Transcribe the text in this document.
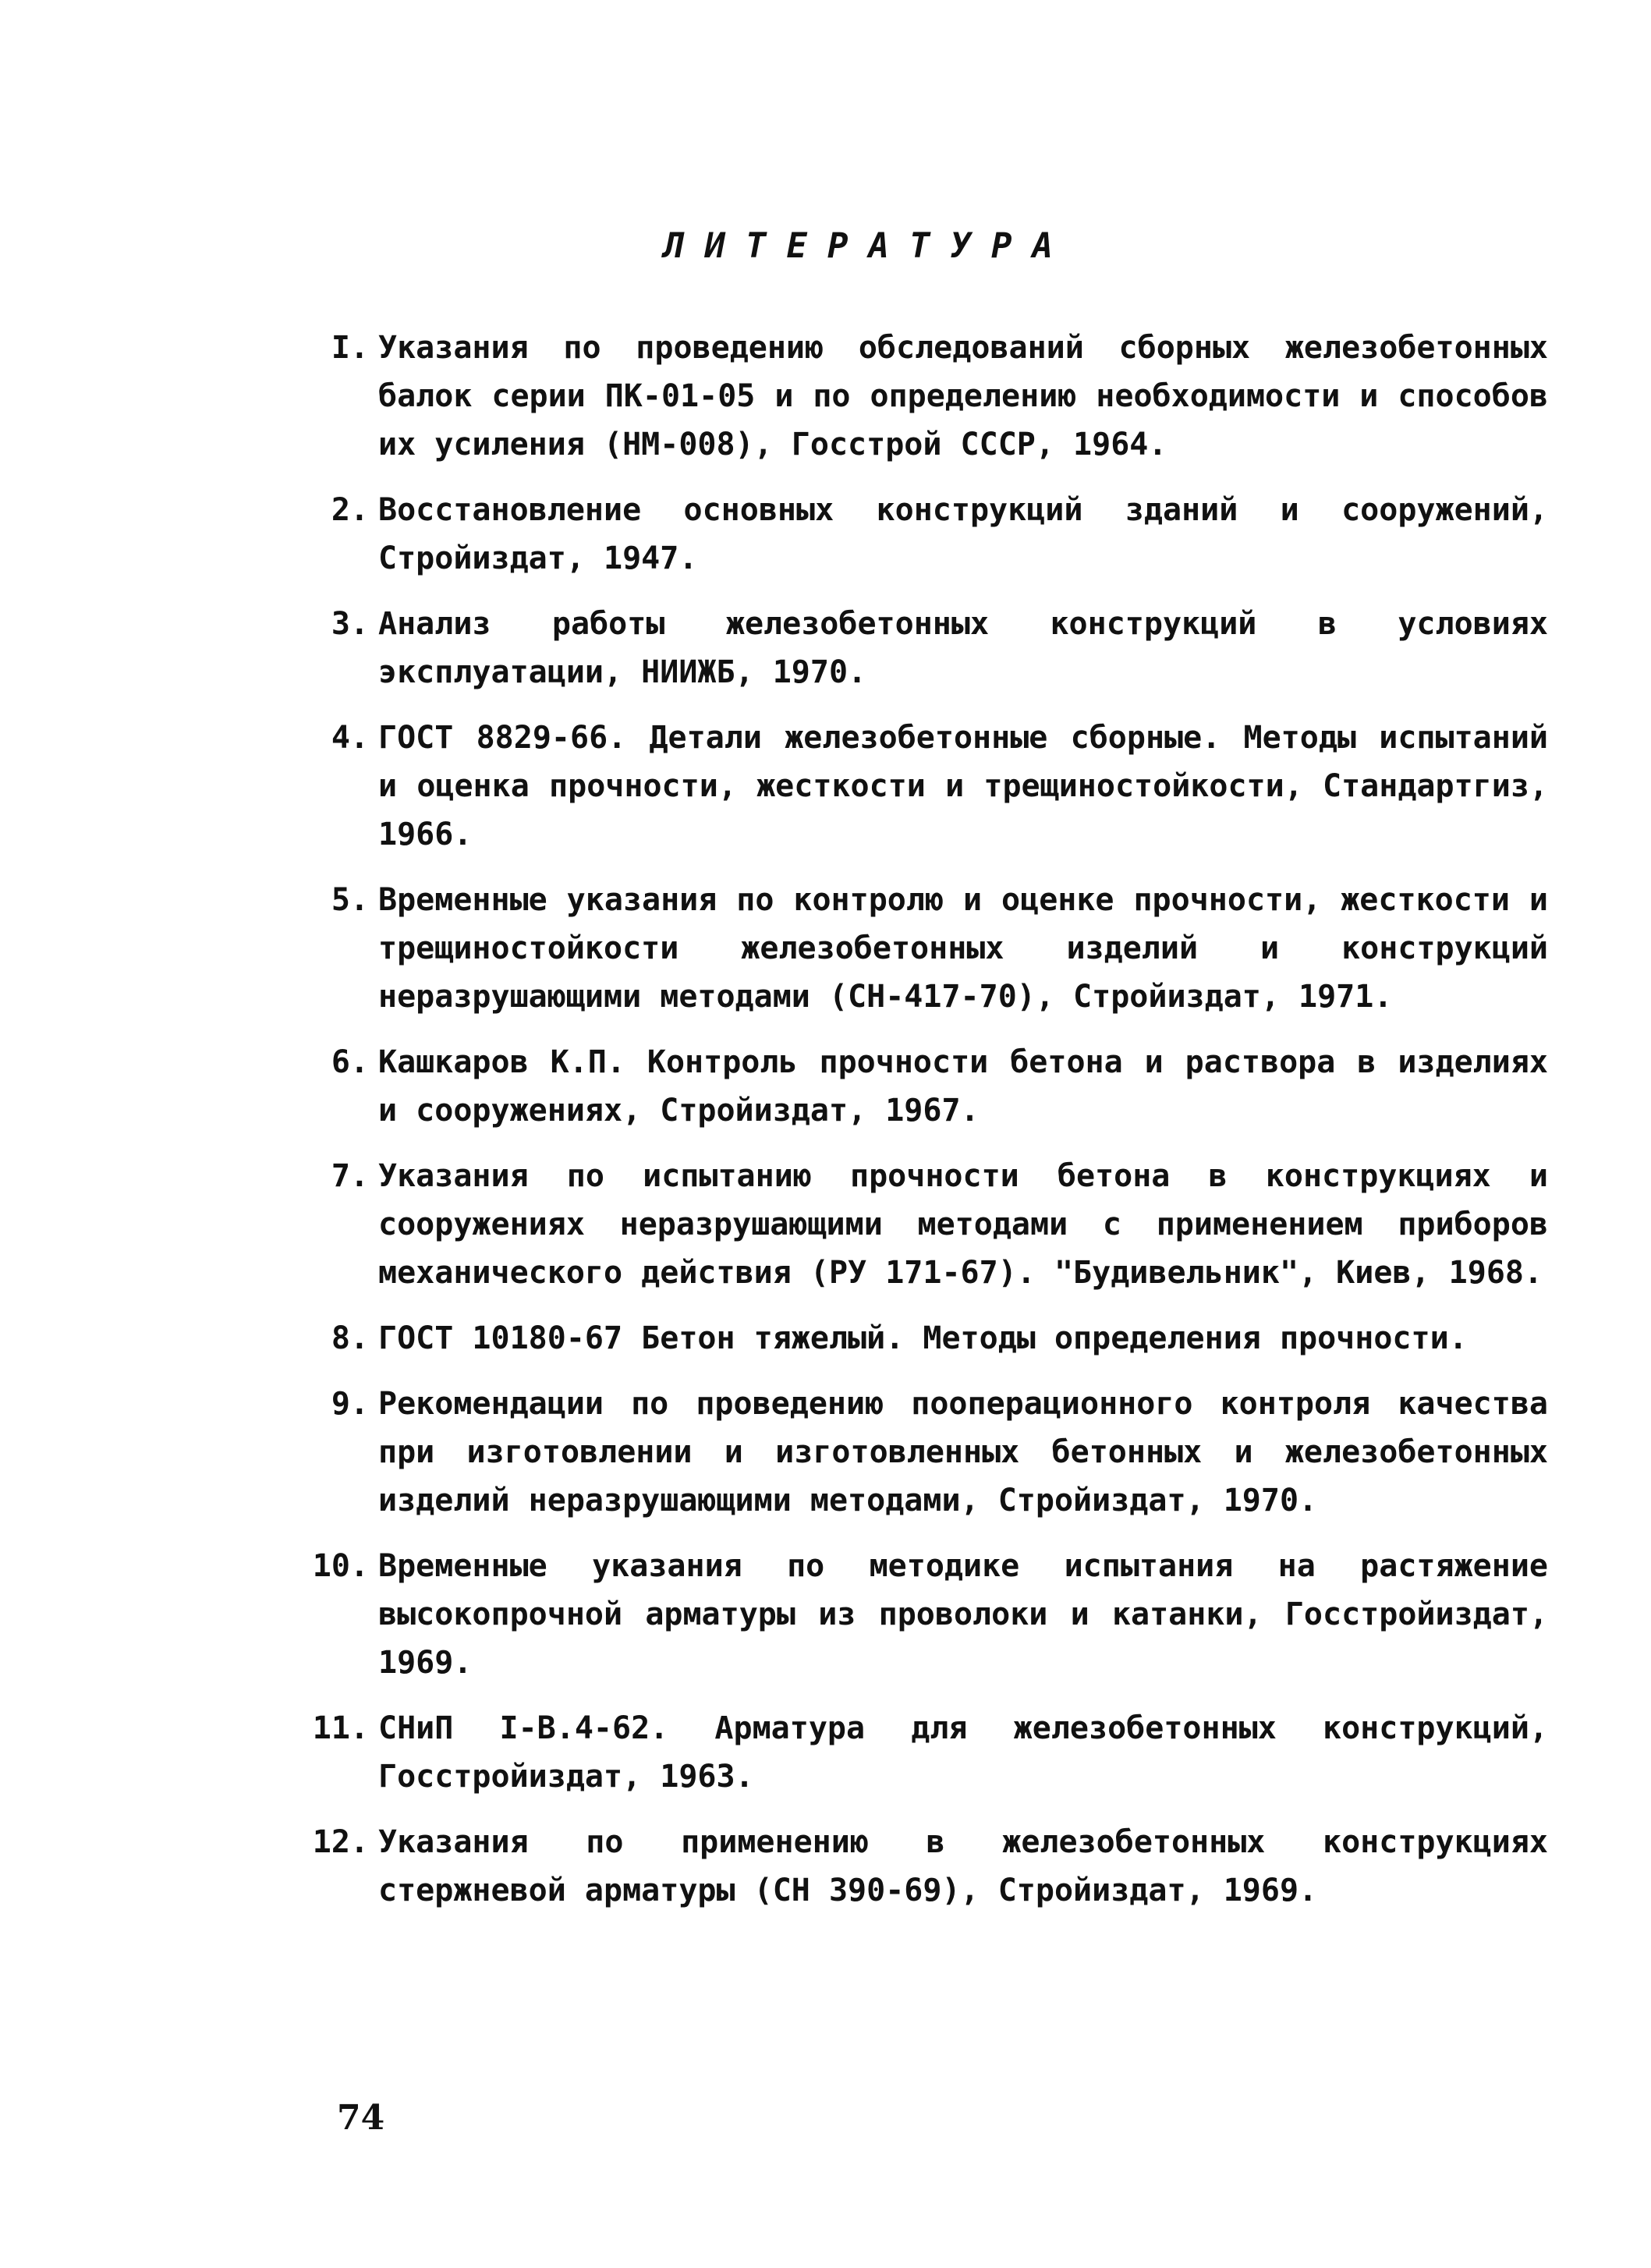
ЛИТЕРАТУРА
I. Указания по проведению обследований сборных железобетонных балок серии ПК-01-05 и по определению необходимости и способов их усиления (НМ-008), Госстрой СССР, 1964.
2. Восстановление основных конструкций зданий и сооружений, Стройиздат, 1947.
3. Анализ работы железобетонных конструкций в условиях эксплуатации, НИИЖБ, 1970.
4. ГОСТ 8829-66. Детали железобетонные сборные. Методы испытаний и оценка прочности, жесткости и трещиностойкости, Стандартгиз, 1966.
5. Временные указания по контролю и оценке прочности, жесткости и трещиностойкости железобетонных изделий и конструкций неразрушающими методами (СН-417-70), Стройиздат, 1971.
6. Кашкаров К.П. Контроль прочности бетона и раствора в изделиях и сооружениях, Стройиздат, 1967.
7. Указания по испытанию прочности бетона в конструкциях и сооружениях неразрушающими методами с применением приборов механического действия (РУ 171-67). "Будивельник", Киев, 1968.
8. ГОСТ 10180-67 Бетон тяжелый. Методы определения прочности.
9. Рекомендации по проведению пооперационного контроля качества при изготовлении и изготовленных бетонных и железобетонных изделий неразрушающими методами, Стройиздат, 1970.
10. Временные указания по методике испытания на растяжение высокопрочной арматуры из проволоки и катанки, Госстройиздат, 1969.
11. СНиП I-В.4-62. Арматура для железобетонных конструкций, Госстройиздат, 1963.
12. Указания по применению в железобетонных конструкциях стержневой арматуры (СН 390-69), Стройиздат, 1969.
74
